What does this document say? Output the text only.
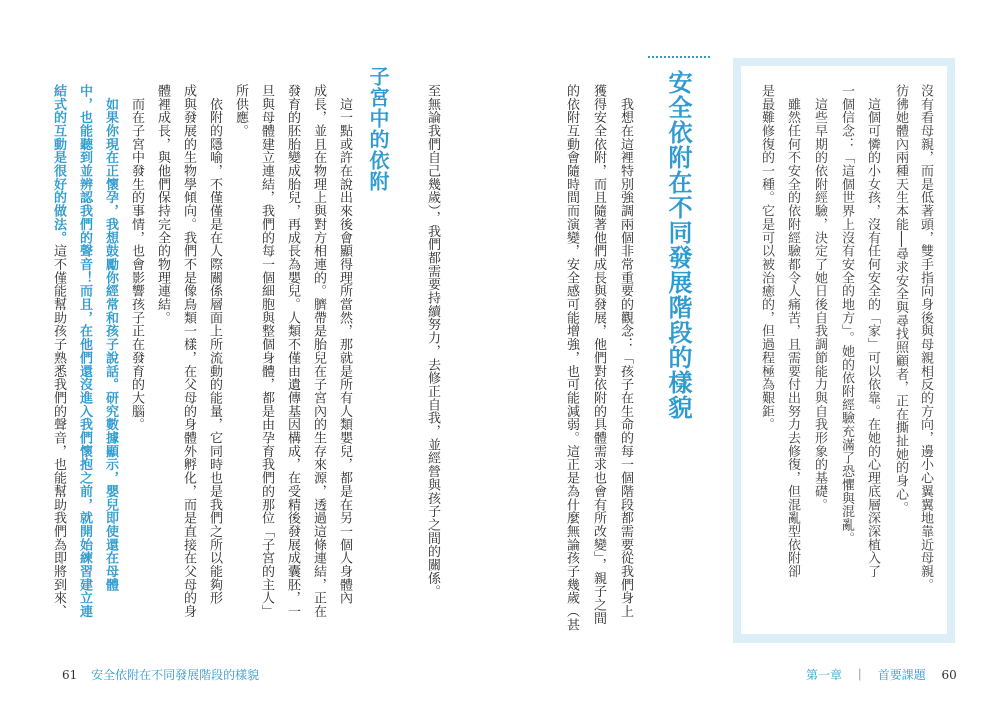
沒有看母親，而是低著頭，雙手指向身後與母親相反的方向，邊小心翼翼地靠近母親。
彷彿她體內兩種天生本能──尋求安全與尋找照顧者，正在撕扯她的身心。
　這個可憐的小女孩，沒有任何安全的「家」可以依靠。在她的心理底層深深植入了
一個信念：「這個世界上沒有安全的地方」。她的依附經驗充滿了恐懼與混亂。
　這些早期的依附經驗，決定了她日後自我調節能力與自我形象的基礎。
　雖然任何不安全的依附經驗都令人痛苦，且需要付出努力去修復，但混亂型依附卻
是最難修復的一種。它是可以被治癒的，但過程極為艱鉅。
安全依附在不同發展階段的樣貌
　我想在這裡特別強調兩個非常重要的觀念：「孩子在生命的每一個階段都需要從我們身上
獲得安全依附，而且隨著他們成長與發展，他們對依附的具體需求也會有所改變」，親子之間
的依附互動會隨時間而演變，安全感可能增強，也可能減弱。這正是為什麼無論孩子幾歲（甚
至無論我們自己幾歲），我們都需要持續努力，去修正自我，並經營與孩子之間的關係。
子宮中的依附
　這一點或許在說出來後會顯得理所當然，那就是所有人類嬰兒，都是在另一個人身體內
成長，並且在物理上與對方相連的。臍帶是胎兒在子宮內的生存來源，透過這條連結，正在
發育的胚胎變成胎兒，再成長為嬰兒。人類不僅由遺傳基因構成，在受精後發展成囊胚，一
旦與母體建立連結，我們的每一個細胞與整個身體，都是由孕育我們的那位「子宮的主人」
所供應。
　依附的隱喻，不僅僅是在人際關係層面上所流動的能量，它同時也是我們之所以能夠形
成與發展的生物學傾向。我們不是像鳥類一樣，在父母的身體外孵化，而是直接在父母的身
體裡成長，與他們保持完全的物理連結。
　而在子宮中發生的事情，也會影響孩子正在發育的大腦。
　如果你現在正懷孕，我想鼓勵你經常和孩子說話。研究數據顯示，嬰兒即使還在母體
中，也能聽到並辨認我們的聲音！而且，在他們還沒進入我們懷抱之前，就開始練習建立連
結式的互動是很好的做法。這不僅能幫助孩子熟悉我們的聲音，也能幫助我們為即將到來、
61 安全依附在不同發展階段的樣貌	第一章 ｜ 首要課題 60
